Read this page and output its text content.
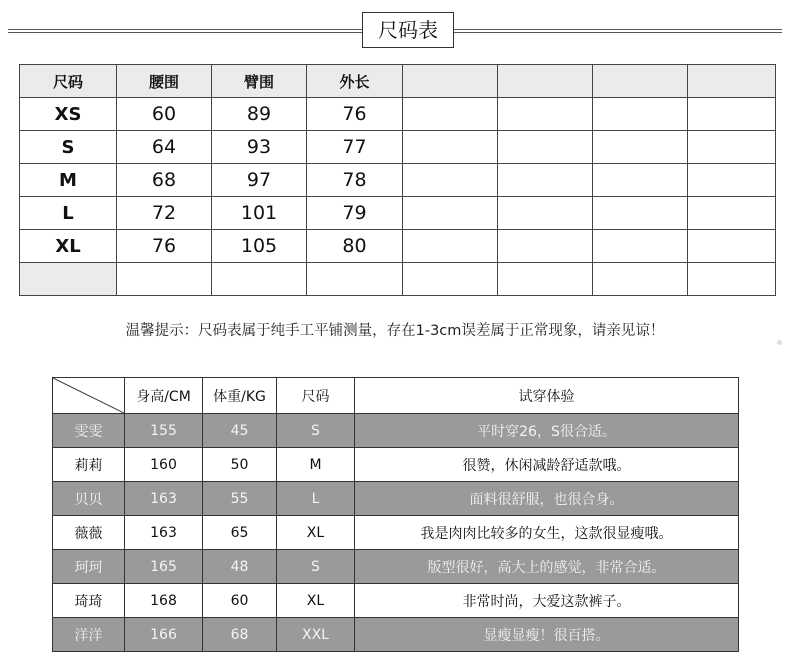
尺码表
尺码	腰围	臂围	外长				
XS	60	89	76				
S	64	93	77				
M	68	97	78				
L	72	101	79				
XL	76	105	80				

温馨提示：尺码表属于纯手工平铺测量，存在1-3cm误差属于正常现象，请亲见谅！
	身高/CM	体重/KG	尺码	试穿体验
雯雯	155	45	S	平时穿26，S很合适。
莉莉	160	50	M	很赞，休闲减龄舒适款哦。
贝贝	163	55	L	面料很舒服，也很合身。
薇薇	163	65	XL	我是肉肉比较多的女生，这款很显瘦哦。
珂珂	165	48	S	版型很好，高大上的感觉，非常合适。
琦琦	168	60	XL	非常时尚，大爱这款裤子。
洋洋	166	68	XXL	显瘦显瘦！很百搭。
